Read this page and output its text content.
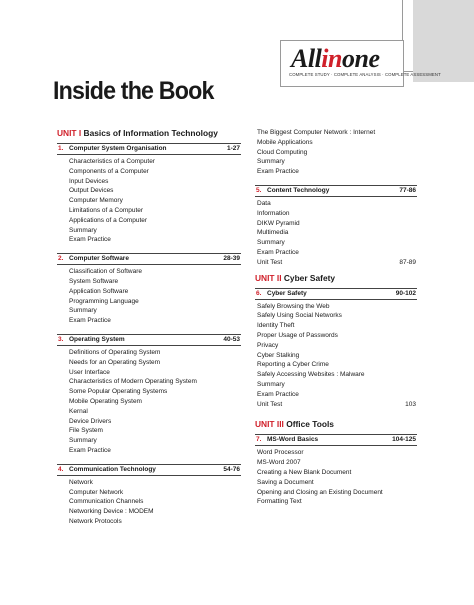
Allinone
COMPLETE STUDY · COMPLETE ANALYSIS · COMPLETE ASSESSMENT
Inside the Book
UNIT I Basics of Information Technology
1. Computer System Organisation	1-27
Characteristics of a Computer
Components of a Computer
Input Devices
Output Devices
Computer Memory
Limitations of a Computer
Applications of a Computer
Summary
Exam Practice
2. Computer Software	28-39
Classification of Software
System Software
Application Software
Programming Language
Summary
Exam Practice
3. Operating System	40-53
Definitions of Operating System
Needs for an Operating System
User Interface
Characteristics of Modern Operating System
Some Popular Operating Systems
Mobile Operating System
Kernal
Device Drivers
File System
Summary
Exam Practice
4. Communication Technology	54-76
Network
Computer Network
Communication Channels
Networking Device : MODEM
Network Protocols
The Biggest Computer Network : Internet
Mobile Applications
Cloud Computing
Summary
Exam Practice
5. Content Technology	77-86
Data
Information
DIKW Pyramid
Multimedia
Summary
Exam Practice
Unit Test	87-89
UNIT II Cyber Safety
6. Cyber Safety	90-102
Safely Browsing the Web
Safely Using Social Networks
Identity Theft
Proper Usage of Passwords
Privacy
Cyber Stalking
Reporting a Cyber Crime
Safely Accessing Websites : Malware
Summary
Exam Practice
Unit Test	103
UNIT III Office Tools
7. MS-Word Basics	104-125
Word Processor
MS-Word 2007
Creating a New Blank Document
Saving a Document
Opening and Closing an Existing Document
Formatting Text
